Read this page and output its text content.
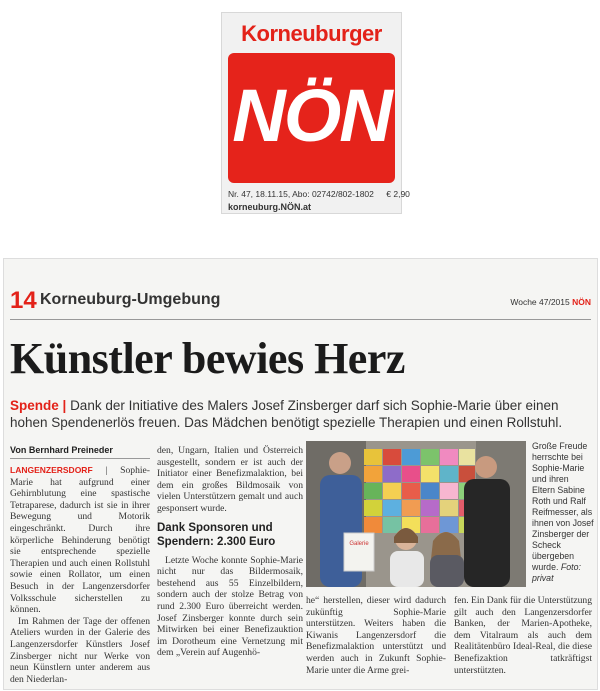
Korneuburger
NÖN
Nr. 47, 18.11.15, Abo: 02742/802-1802 € 2,90
korneuburg.NÖN.at
14 Korneuburg-Umgebung	Woche 47/2015 NÖN
Künstler bewies Herz
Spende | Dank der Initiative des Malers Josef Zinsberger darf sich Sophie-Marie über einen hohen Spendenerlös freuen. Das Mädchen benötigt spezielle Therapien und einen Rollstuhl.
Von Bernhard Preineder

LANGENZERSDORF | Sophie-Marie hat aufgrund einer Gehirnblutung eine spastische Tetraparese, dadurch ist sie in ihrer Bewegung und Motorik eingeschränkt. Durch ihre körperliche Behinderung benötigt sie entsprechende spezielle Therapien und auch einen Rollstuhl sowie einen Rollator, um einen Besuch in der Langenzersdorfer Volksschule sicherstellen zu können.

Im Rahmen der Tage der offenen Ateliers wurden in der Galerie des Langenzersdorfer Künstlers Josef Zinsberger nicht nur Werke von neun Künstlern unter anderem aus den Niederlan-

den, Ungarn, Italien und Österreich ausgestellt, sondern er ist auch der Initiator einer Benefizmalaktion, bei dem ein großes Bildmosaik von vielen Unterstützern gemalt und auch gesponsert wurde.

Dank Sponsoren und Spendern: 2.300 Euro

Letzte Woche konnte Sophie-Marie nicht nur das Bildermosaik, bestehend aus 55 Einzelbildern, sondern auch der stolze Betrag von rund 2.300 Euro überreicht werden. Josef Zinsberger konnte durch sein Mitwirken bei einer Benefizauktion im Dorotheum eine Vernetzung mit dem „Verein auf Augenhö-

Galerie
Große Freude herrschte bei Sophie-Marie und ihren Eltern Sabine Roth und Ralf Reifmesser, als ihnen von Josef Zinsberger der Scheck übergeben wurde. Foto: privat
he“ herstellen, dieser wird dadurch zukünftig Sophie-Marie unterstützen. Weiters haben die Kiwanis Langenzersdorf die Benefizmalaktion unterstützt und werden auch in Zukunft Sophie-Marie unter die Arme grei-
fen. Ein Dank für die Unterstützung gilt auch den Langenzersdorfer Banken, der Marien-Apotheke, dem Vitalraum als auch dem Realitätenbüro Ideal-Real, die diese Benefizaktion tatkräftigst unterstützten.
